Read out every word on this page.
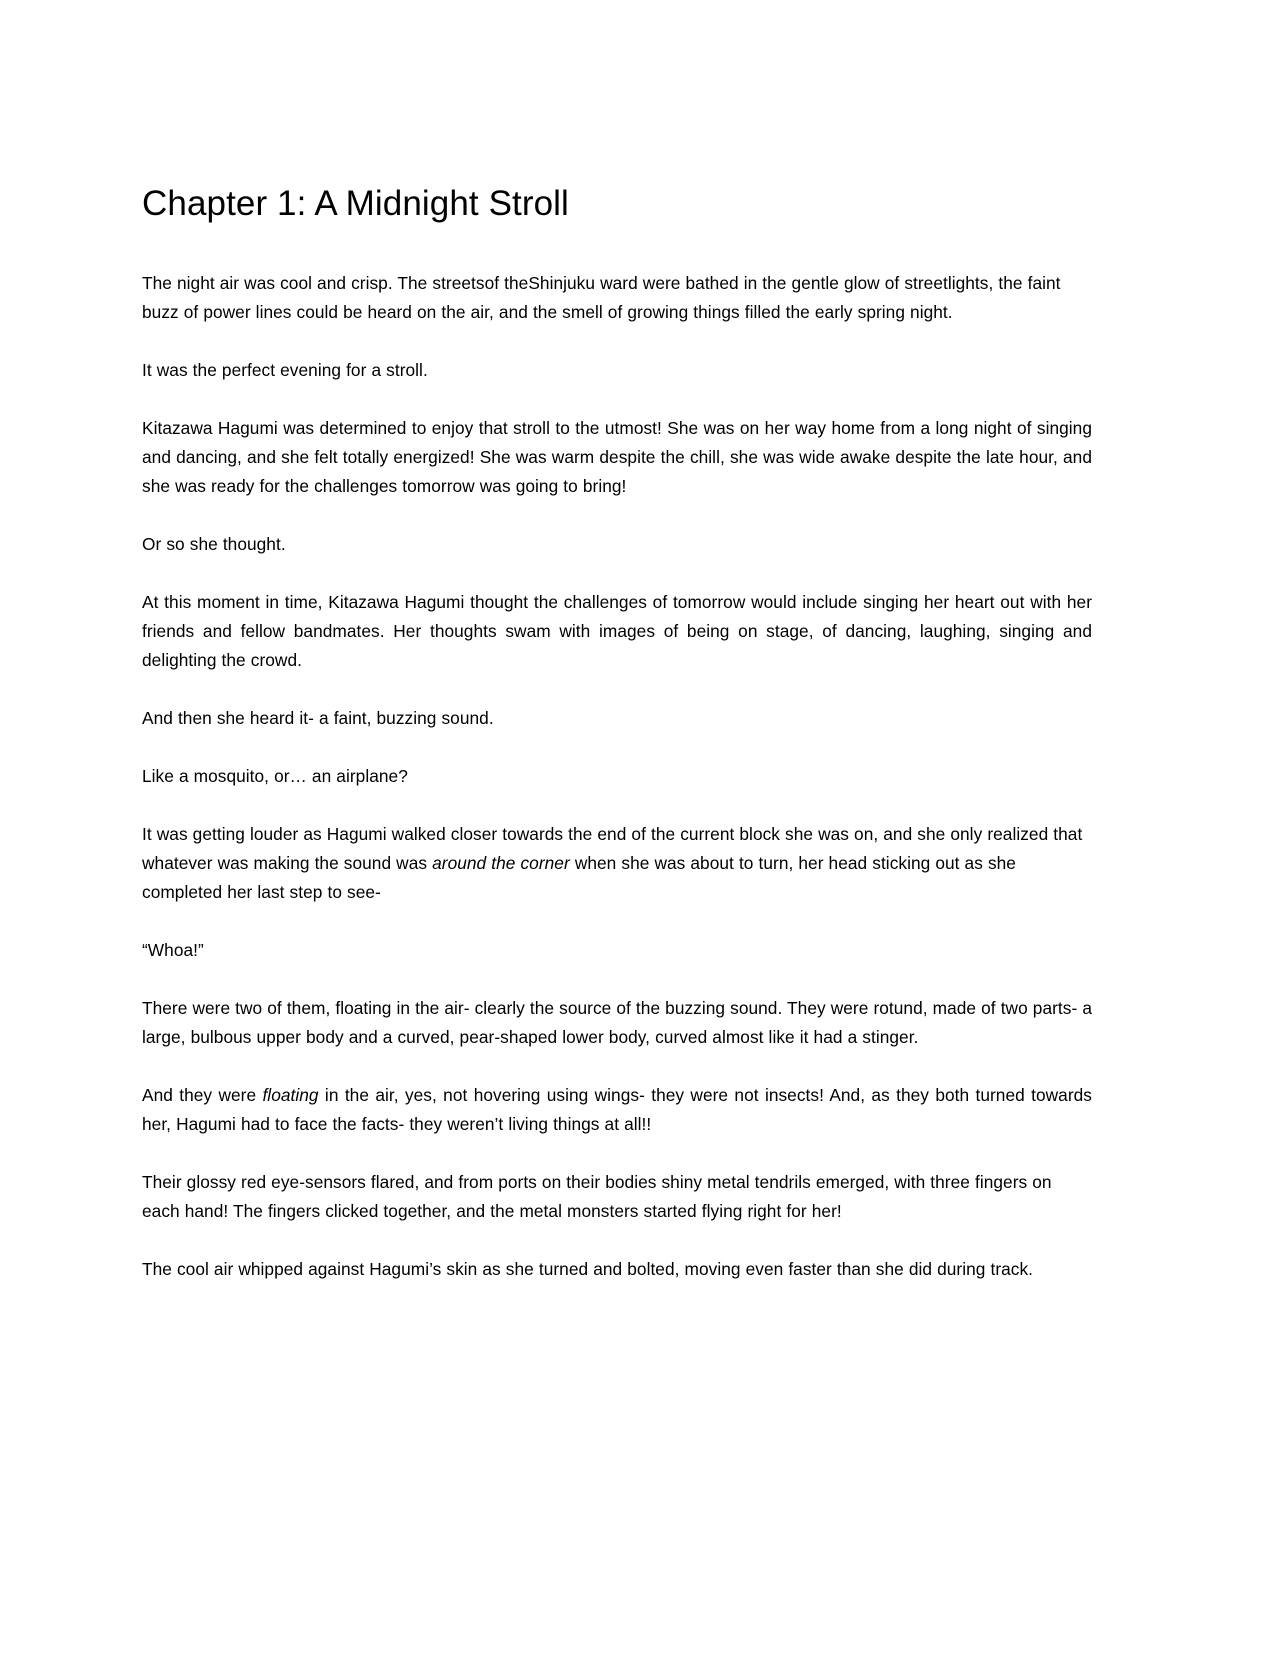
Chapter 1: A Midnight Stroll

The night air was cool and crisp. The streetsof theShinjuku ward were bathed in the gentle glow of streetlights, the faint buzz of power lines could be heard on the air, and the smell of growing things filled the early spring night.

It was the perfect evening for a stroll.

Kitazawa Hagumi was determined to enjoy that stroll to the utmost! She was on her way home from a long night of singing and dancing, and she felt totally energized! She was warm despite the chill, she was wide awake despite the late hour, and she was ready for the challenges tomorrow was going to bring!

Or so she thought.

At this moment in time, Kitazawa Hagumi thought the challenges of tomorrow would include singing her heart out with her friends and fellow bandmates. Her thoughts swam with images of being on stage, of dancing, laughing, singing and delighting the crowd.

And then she heard it- a faint, buzzing sound.

Like a mosquito, or… an airplane?

It was getting louder as Hagumi walked closer towards the end of the current block she was on, and she only realized that whatever was making the sound was around the corner when she was about to turn, her head sticking out as she completed her last step to see-

“Whoa!”

There were two of them, floating in the air- clearly the source of the buzzing sound. They were rotund, made of two parts- a large, bulbous upper body and a curved, pear-shaped lower body, curved almost like it had a stinger.

And they were floating in the air, yes, not hovering using wings- they were not insects! And, as they both turned towards her, Hagumi had to face the facts- they weren’t living things at all!!

Their glossy red eye-sensors flared, and from ports on their bodies shiny metal tendrils emerged, with three fingers on each hand! The fingers clicked together, and the metal monsters started flying right for her!

The cool air whipped against Hagumi’s skin as she turned and bolted, moving even faster than she did during track.
